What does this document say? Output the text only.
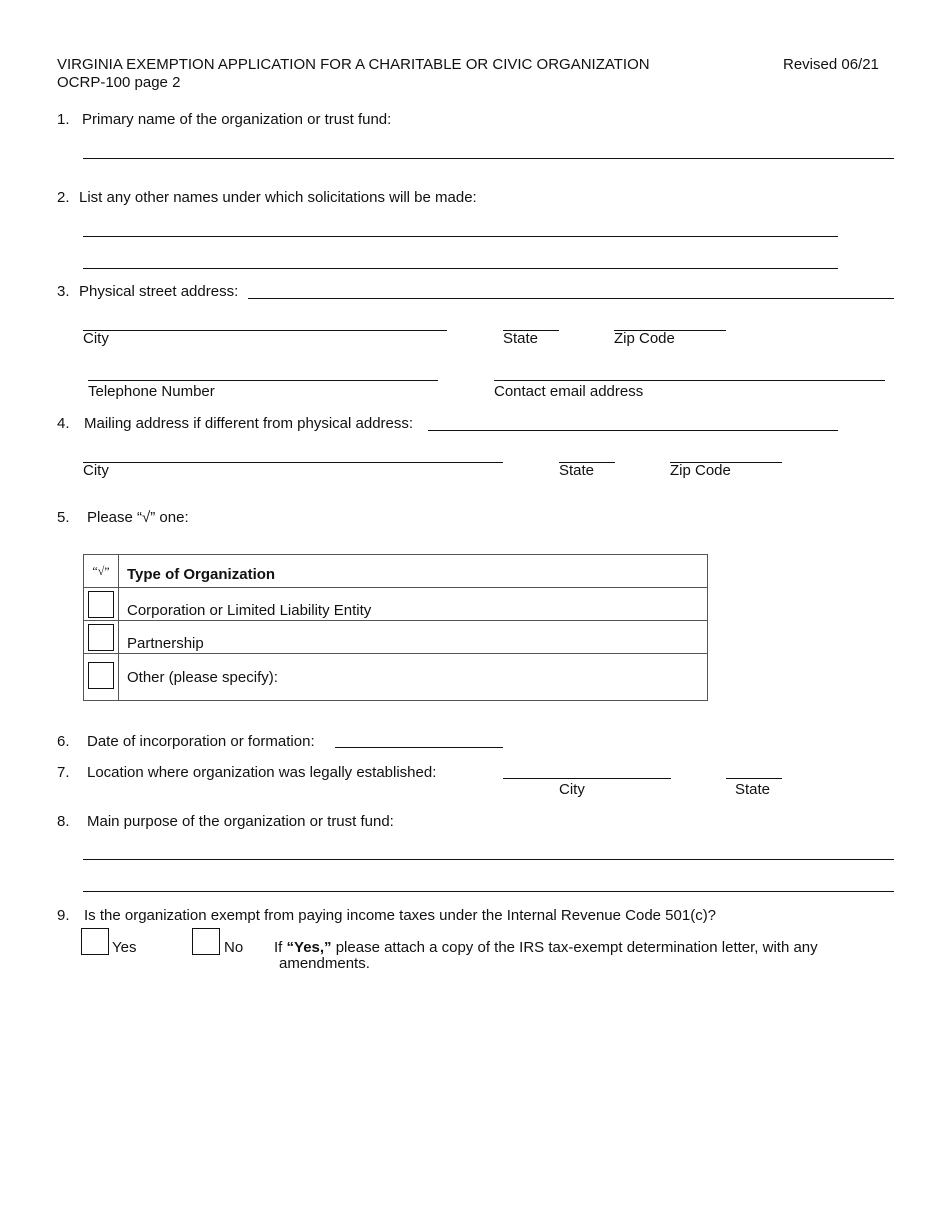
VIRGINIA EXEMPTION APPLICATION FOR A CHARITABLE OR CIVIC ORGANIZATION
OCRP-100 page 2
Revised 06/21
1. Primary name of the organization or trust fund:
2. List any other names under which solicitations will be made:
3. Physical street address:
City	State	Zip Code
Telephone Number	Contact email address
4. Mailing address if different from physical address:
City	State	Zip Code
5. Please “√” one:
“√”	Type of Organization

	Corporation or Limited Liability Entity

	Partnership

	Other (please specify):
6. Date of incorporation or formation:
7. Location where organization was legally established:
City	State
8. Main purpose of the organization or trust fund:
9. Is the organization exempt from paying income taxes under the Internal Revenue Code 501(c)?
Yes	No If “Yes,” please attach a copy of the IRS tax-exempt determination letter, with any
amendments.
